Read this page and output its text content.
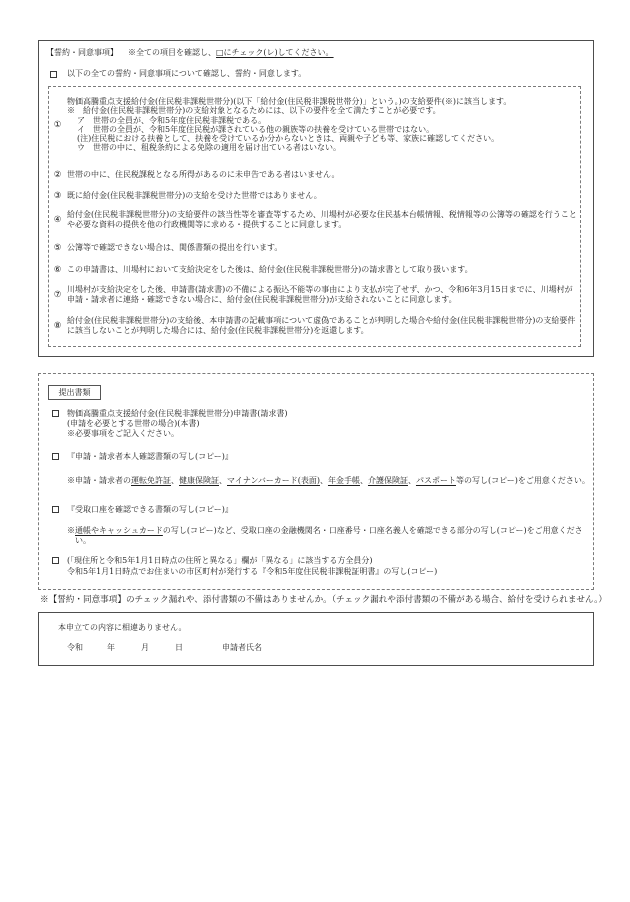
【誓約・同意事項】 ※全ての項目を確認し、□にチェック(レ)してください。
以下の全ての誓約・同意事項について確認し、誓約・同意します。
①
物価高騰重点支援給付金(住民税非課税世帯分)(以下「給付金(住民税非課税世帯分)」という。)の支給要件(※)に該当します。
※　給付金(住民税非課税世帯分)の支給対象となるためには、以下の要件を全て満たすことが必要です。
ア　世帯の全員が、令和5年度住民税非課税である。
イ　世帯の全員が、令和5年度住民税が課されている他の親族等の扶養を受けている世帯ではない。
(注)住民税における扶養として、扶養を受けているか分からないときは、両親や子ども等、家族に確認してください。
ウ　世帯の中に、租税条約による免除の適用を届け出ている者はいない。
② 世帯の中に、住民税課税となる所得があるのに未申告である者はいません。
③ 既に給付金(住民税非課税世帯分)の支給を受けた世帯ではありません。
④
給付金(住民税非課税世帯分)の支給要件の該当性等を審査等するため、川場村が必要な住民基本台帳情報、税情報等の公簿等の確認を行うことや必要な資料の提供を他の行政機関等に求める・提供することに同意します。
⑤ 公簿等で確認できない場合は、関係書類の提出を行います。
⑥ この申請書は、川場村において支給決定をした後は、給付金(住民税非課税世帯分)の請求書として取り扱います。
⑦
川場村が支給決定をした後、申請書(請求書)の不備による振込不能等の事由により支払が完了せず、かつ、令和6年3月15日までに、川場村が申請・請求者に連絡・確認できない場合に、給付金(住民税非課税世帯分)が支給されないことに同意します。
⑧
給付金(住民税非課税世帯分)の支給後、本申請書の記載事項について虚偽であることが判明した場合や給付金(住民税非課税世帯分)の支給要件に該当しないことが判明した場合には、給付金(住民税非課税世帯分)を返還します。
提出書類
物価高騰重点支援給付金(住民税非課税世帯分)申請書(請求書)
(申請を必要とする世帯の場合)(本書)
※必要事項をご記入ください。
『申請・請求者本人確認書類の写し(コピー)』
※申請・請求者の運転免許証、健康保険証、マイナンバーカード(表面)、年金手帳、介護保険証、パスポート等の写し(コピー)をご用意ください。
『受取口座を確認できる書類の写し(コピー)』
※通帳やキャッシュカードの写し(コピー)など、受取口座の金融機関名・口座番号・口座名義人を確認できる部分の写し(コピー)をご用意ください。
(「現住所と令和5年1月1日時点の住所と異なる」欄が「異なる」に該当する方全員分)
令和5年1月1日時点でお住まいの市区町村が発行する『令和5年度住民税非課税証明書』の写し(コピー)
※【誓約・同意事項】のチェック漏れや、添付書類の不備はありませんか。（チェック漏れや添付書類の不備がある場合、給付を受けられません。）
本申立ての内容に相違ありません。
令和	年	月	日	申請者氏名
